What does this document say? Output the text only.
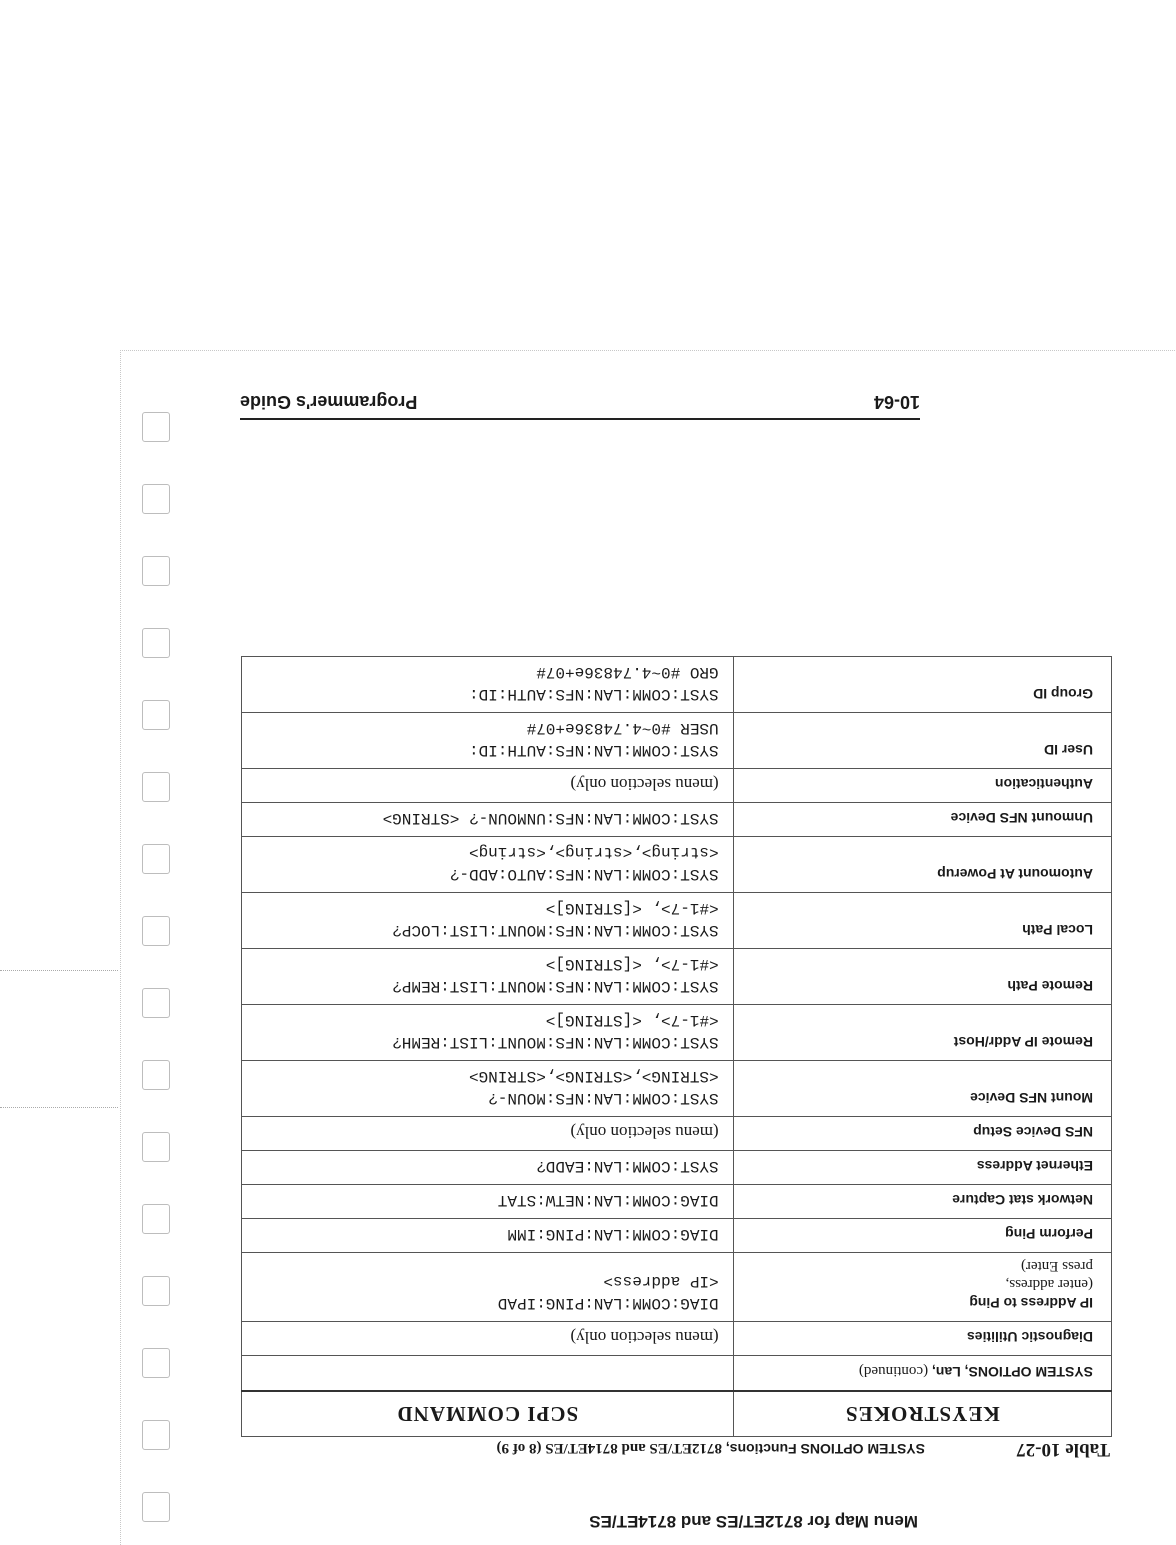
Menu Map for 8712ET/ES and 8714ET/ES
Table 10-27SYSTEM OPTIONS Functions, 8712ET/ES and 8714ET/ES (8 of 9)
KEYSTROKES	SCPI COMMAND
SYSTEM OPTIONS, Lan, (continued)	
Diagnostic Utilities	(menu selection only)
IP Address to Ping
(enter address,
press Enter)	DIAG:COMM:LAN:PING:IPAD
<IP address>
Perform Ping	DIAG:COMM:LAN:PING:IMM
Network stat Capture	DIAG:COMM:LAN:NETW:STAT
Ethernet Address	SYST:COMM:LAN:EADD?
NFS Device Setup	(menu selection only)
Mount NFS Device	SYST:COMM:LAN:NFS:MOUN-?
<STRING>,<STRING>,<STRING>
Remote IP Addr/Host	SYST:COMM:LAN:NFS:MOUNT:LIST:REMH?
<#1-7>, <[STRING]>
Remote Path	SYST:COMM:LAN:NFS:MOUNT:LIST:REMP?
<#1-7>, <[STRING]>
Local Path	SYST:COMM:LAN:NFS:MOUNT:LIST:LOCP?
<#1-7>, <[STRING]>
Automount At Powerup	SYST:COMM:LAN:NFS:AUTO:ADD-?
<string>,<string>,<string>
Unmount NFS Device	SYST:COMM:LAN:NFS:UNMOUN-? <STRING>
Authentication	(menu selection only)
User ID	SYST:COMM:LAN:NFS:AUTH:ID:
USER #0~4.74836e+07#
Group ID	SYST:COMM:LAN:NFS:AUTH:ID:
GRO #0~4.74836e+07#
10-64
Programmer's Guide
